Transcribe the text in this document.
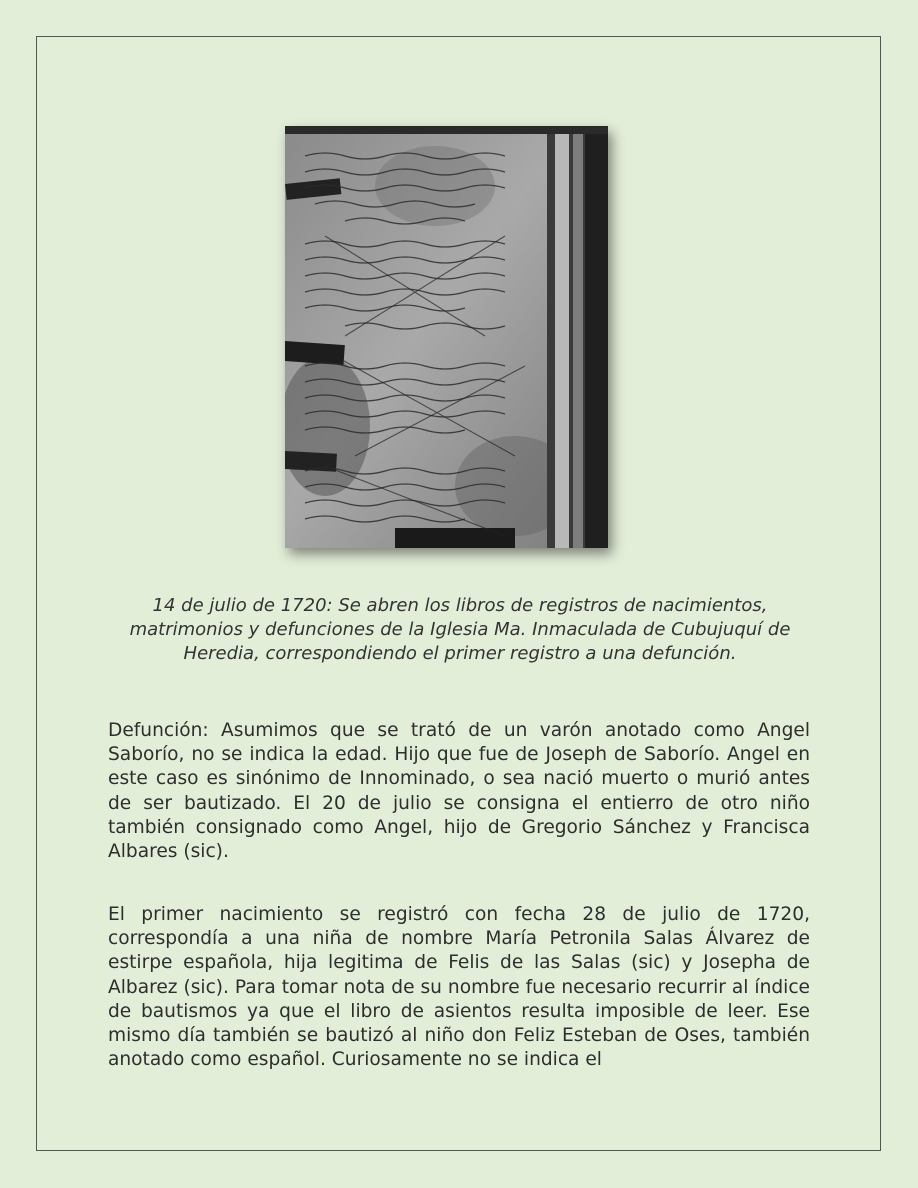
14 de julio de 1720: Se abren los libros de registros de nacimientos, matrimonios y defunciones de la Iglesia Ma. Inmaculada de Cubujuquí de Heredia, correspondiendo el primer registro a una defunción.

Defunción: Asumimos que se trató de un varón anotado como Angel Saborío, no se indica la edad. Hijo que fue de Joseph de Saborío. Angel en este caso es sinónimo de Innominado, o sea nació muerto o murió antes de ser bautizado. El 20 de julio se consigna el entierro de otro niño también consignado como Angel, hijo de Gregorio Sánchez y Francisca Albares (sic).

El primer nacimiento se registró con fecha 28 de julio de 1720, correspondía a una niña de nombre María Petronila Salas Álvarez de estirpe española, hija legitima de Felis de las Salas (sic) y Josepha de Albarez (sic). Para tomar nota de su nombre fue necesario recurrir al índice de bautismos ya que el libro de asientos resulta imposible de leer. Ese mismo día también se bautizó al niño don Feliz Esteban de Oses, también anotado como español. Curiosamente no se indica el
